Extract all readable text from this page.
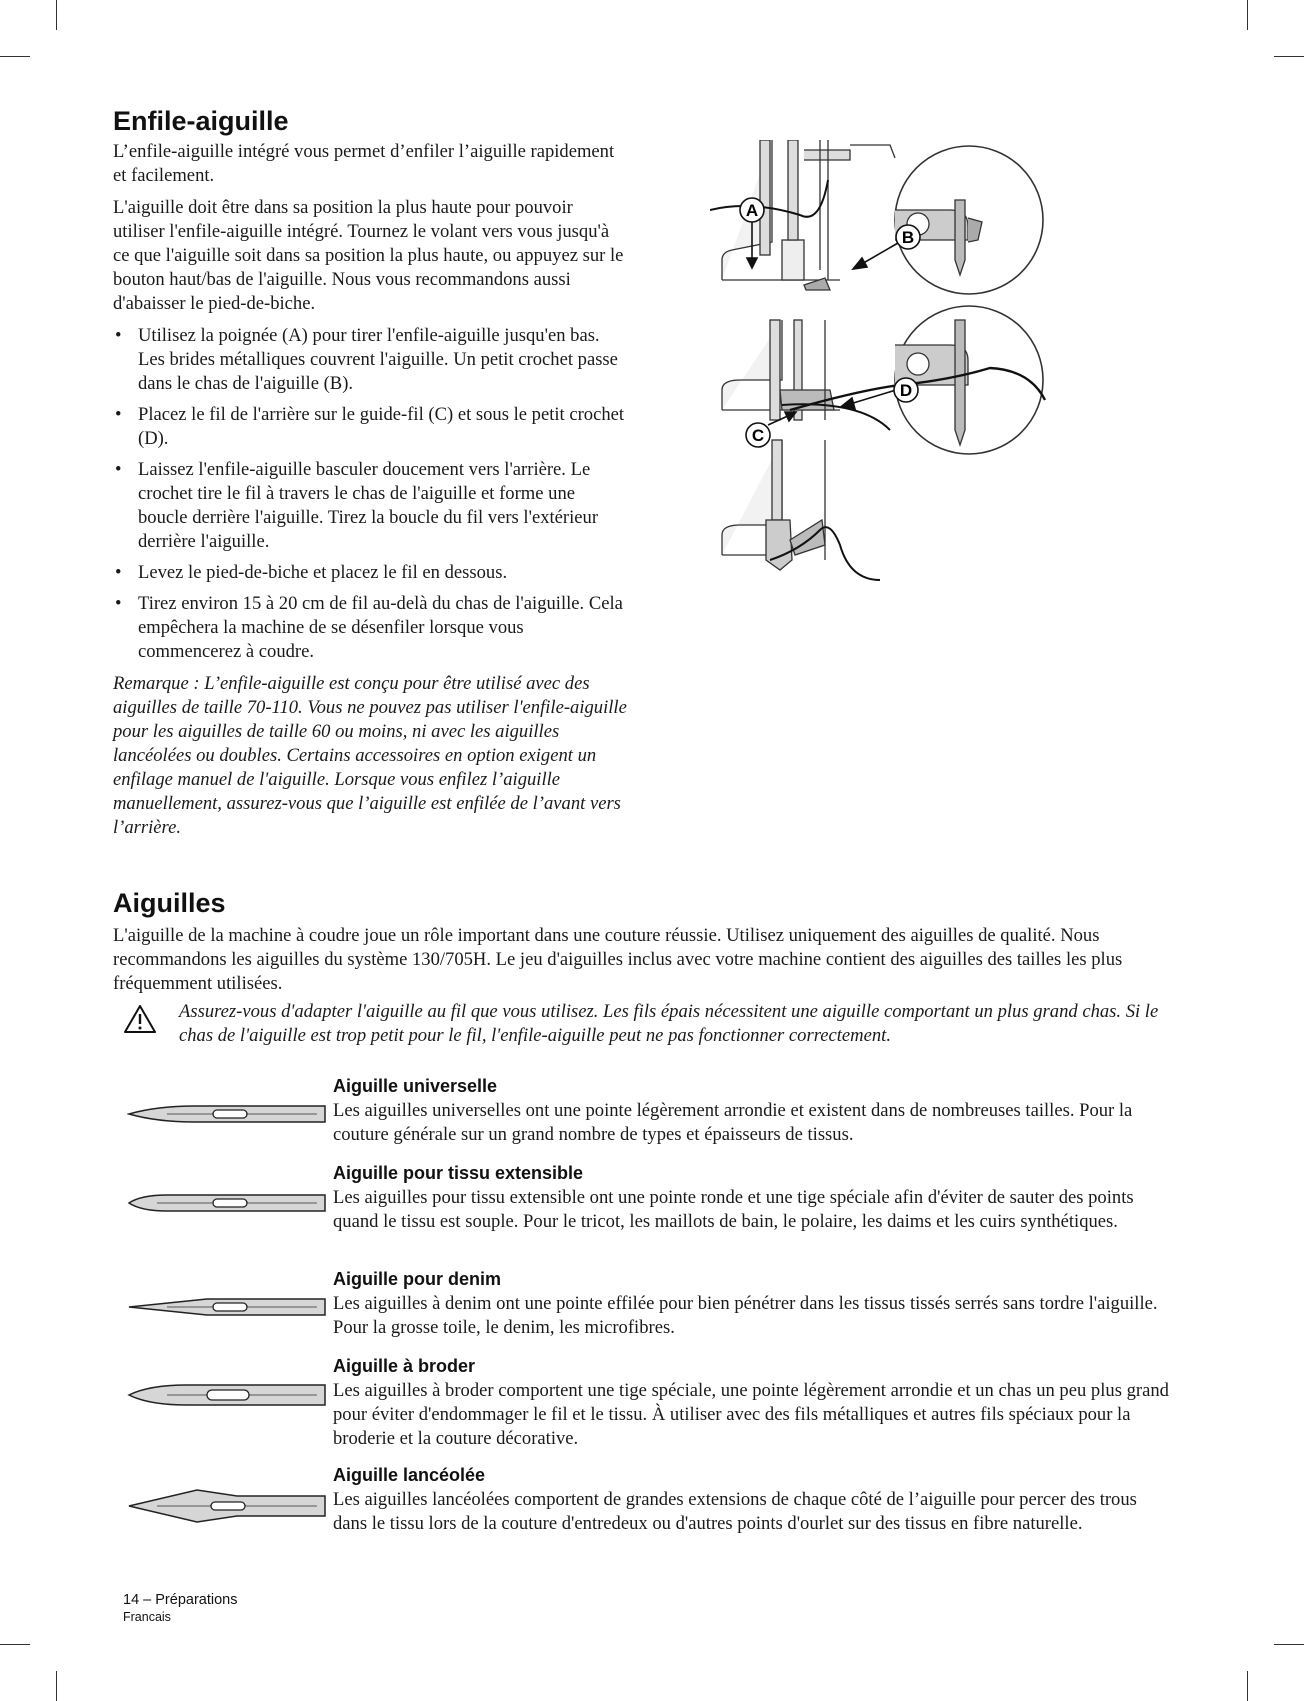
Enfile-aiguille

L’enfile-aiguille intégré vous permet d’enfiler l’aiguille rapidement et facilement.

L'aiguille doit être dans sa position la plus haute pour pouvoir utiliser l'enfile-aiguille intégré. Tournez le volant vers vous jusqu'à ce que l'aiguille soit dans sa position la plus haute, ou appuyez sur le bouton haut/bas de l'aiguille. Nous vous recommandons aussi d'abaisser le pied-de-biche.

• Utilisez la poignée (A) pour tirer l'enfile-aiguille jusqu'en bas. Les brides métalliques couvrent l'aiguille. Un petit crochet passe dans le chas de l'aiguille (B).
• Placez le fil de l'arrière sur le guide-fil (C) et sous le petit crochet (D).
• Laissez l'enfile-aiguille basculer doucement vers l'arrière. Le crochet tire le fil à travers le chas de l'aiguille et forme une boucle derrière l'aiguille. Tirez la boucle du fil vers l'extérieur derrière l'aiguille.
• Levez le pied-de-biche et placez le fil en dessous.
• Tirez environ 15 à 20 cm de fil au-delà du chas de l'aiguille. Cela empêchera la machine de se désenfiler lorsque vous commencerez à coudre.

Remarque : L’enfile-aiguille est conçu pour être utilisé avec des aiguilles de taille 70-110. Vous ne pouvez pas utiliser l'enfile-aiguille pour les aiguilles de taille 60 ou moins, ni avec les aiguilles lancéolées ou doubles. Certains accessoires en option exigent un enfilage manuel de l'aiguille. Lorsque vous enfilez l’aiguille manuellement, assurez-vous que l’aiguille est enfilée de l’avant vers l’arrière.

A
B
C
D
Aiguilles

L'aiguille de la machine à coudre joue un rôle important dans une couture réussie. Utilisez uniquement des aiguilles de qualité. Nous recommandons les aiguilles du système 130/705H. Le jeu d'aiguilles inclus avec votre machine contient des aiguilles des tailles les plus fréquemment utilisées.

Assurez-vous d'adapter l'aiguille au fil que vous utilisez. Les fils épais nécessitent une aiguille comportant un plus grand chas. Si le chas de l'aiguille est trop petit pour le fil, l'enfile-aiguille peut ne pas fonctionner correctement.
Aiguille universelle

Les aiguilles universelles ont une pointe légèrement arrondie et existent dans de nombreuses tailles. Pour la couture générale sur un grand nombre de types et épaisseurs de tissus.

Aiguille pour tissu extensible

Les aiguilles pour tissu extensible ont une pointe ronde et une tige spéciale afin d'éviter de sauter des points quand le tissu est souple. Pour le tricot, les maillots de bain, le polaire, les daims et les cuirs synthétiques.

Aiguille pour denim

Les aiguilles à denim ont une pointe effilée pour bien pénétrer dans les tissus tissés serrés sans tordre l'aiguille. Pour la grosse toile, le denim, les microfibres.

Aiguille à broder

Les aiguilles à broder comportent une tige spéciale, une pointe légèrement arrondie et un chas un peu plus grand pour éviter d'endommager le fil et le tissu. À utiliser avec des fils métalliques et autres fils spéciaux pour la broderie et la couture décorative.

Aiguille lancéolée

Les aiguilles lancéolées comportent de grandes extensions de chaque côté de l’aiguille pour percer des trous dans le tissu lors de la couture d'entredeux ou d'autres points d'ourlet sur des tissus en fibre naturelle.

14 – Préparations
Francais
